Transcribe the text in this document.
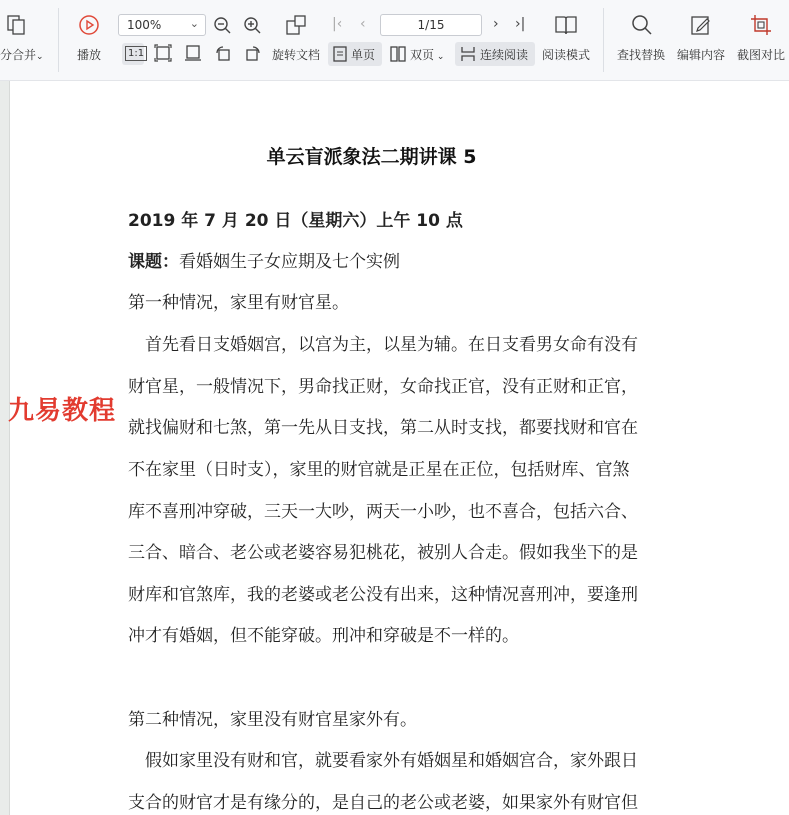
分合并⌄	播放
100%	⌄
1:1	旋转文档
|‹ ‹	1/15	› ›|
单页	双页 ⌄	连续阅读 阅读模式 查找替换 编辑内容 截图对比
单云盲派象法二期讲课 5
2019 年 7 月 20 日（星期六）上午 10 点
课题：看婚姻生子女应期及七个实例
第一种情况，家里有财官星。
　首先看日支婚姻宫，以宫为主，以星为辅。在日支看男女命有没有
财官星，一般情况下，男命找正财，女命找正官，没有正财和正官，
就找偏财和七煞，第一先从日支找，第二从时支找，都要找财和官在
不在家里（日时支），家里的财官就是正星在正位，包括财库、官煞
库不喜刑冲穿破，三天一大吵，两天一小吵，也不喜合，包括六合、
三合、暗合、老公或老婆容易犯桃花，被别人合走。假如我坐下的是
财库和官煞库，我的老婆或老公没有出来，这种情况喜刑冲，要逢刑
冲才有婚姻，但不能穿破。刑冲和穿破是不一样的。
第二种情况，家里没有财官星家外有。
　假如家里没有财和官，就要看家外有婚姻星和婚姻宫合，家外跟日
支合的财官才是有缘分的，是自己的老公或老婆，如果家外有财官但
九易教程
